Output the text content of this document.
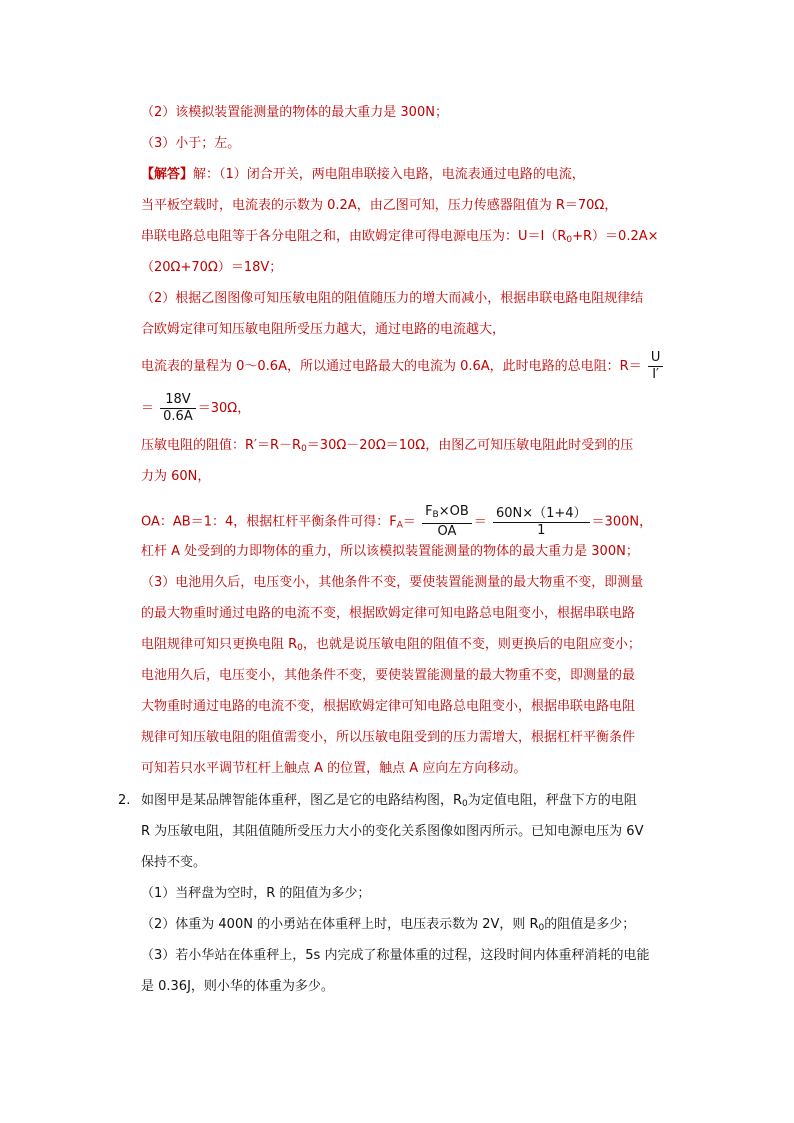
（2）该模拟装置能测量的物体的最大重力是 300N；
（3）小于；左。
【解答】解：（1）闭合开关，两电阻串联接入电路，电流表通过电路的电流，
当平板空载时，电流表的示数为 0.2A，由乙图可知，压力传感器阻值为 R＝70Ω，
串联电路总电阻等于各分电阻之和，由欧姆定律可得电源电压为：$U=I(R_0+R)=0.2A\times$
（20Ω+70Ω）＝18V；
（2）根据乙图图像可知压敏电阻的阻值随压力的增大而减小，根据串联电路电阻规律结
合欧姆定律可知压敏电阻所受压力越大，通过电路的电流越大，
电流表的量程为 0～0.6A，所以通过电路最大的电流为 0.6A，此时电路的总电阻：$R= \frac{U}{I'}$
＝ $\frac{18V}{0.6A} =30\Omega$，
压敏电阻的阻值：$R'=R-R_0=30\Omega-20\Omega=10\Omega$，由图乙可知压敏电阻此时受到的压
力为 60N，
OA：AB＝1：4，根据杠杆平衡条件可得：$F_A= \frac{F_B\times OB}{OA} = \frac{60N\times(1+4)}{1} =300N$，
杠杆 A 处受到的力即物体的重力，所以该模拟装置能测量的物体的最大重力是 300N；
（3）电池用久后，电压变小，其他条件不变，要使装置能测量的最大物重不变，即测量
的最大物重时通过电路的电流不变，根据欧姆定律可知电路总电阻变小，根据串联电路
电阻规律可知只更换电阻 $R_0$，也就是说压敏电阻的阻值不变，则更换后的电阻应变小；
电池用久后，电压变小，其他条件不变，要使装置能测量的最大物重不变，即测量的最
大物重时通过电路的电流不变，根据欧姆定律可知电路总电阻变小，根据串联电路电阻
规律可知压敏电阻的阻值需变小，所以压敏电阻受到的压力需增大，根据杠杆平衡条件
可知若只水平调节杠杆上触点 A 的位置，触点 A 应向左方向移动。
2. 如图甲是某品牌智能体重秤，图乙是它的电路结构图，$R_0$为定值电阻，秤盘下方的电阻
R 为压敏电阻，其阻值随所受压力大小的变化关系图像如图丙所示。已知电源电压为 6V
保持不变。
（1）当秤盘为空时，R 的阻值为多少；
（2）体重为 400N 的小勇站在体重秤上时，电压表示数为 2V，则 $R_0$的阻值是多少；
（3）若小华站在体重秤上，5s 内完成了称量体重的过程，这段时间内体重秤消耗的电能
是 0.36J，则小华的体重为多少。
